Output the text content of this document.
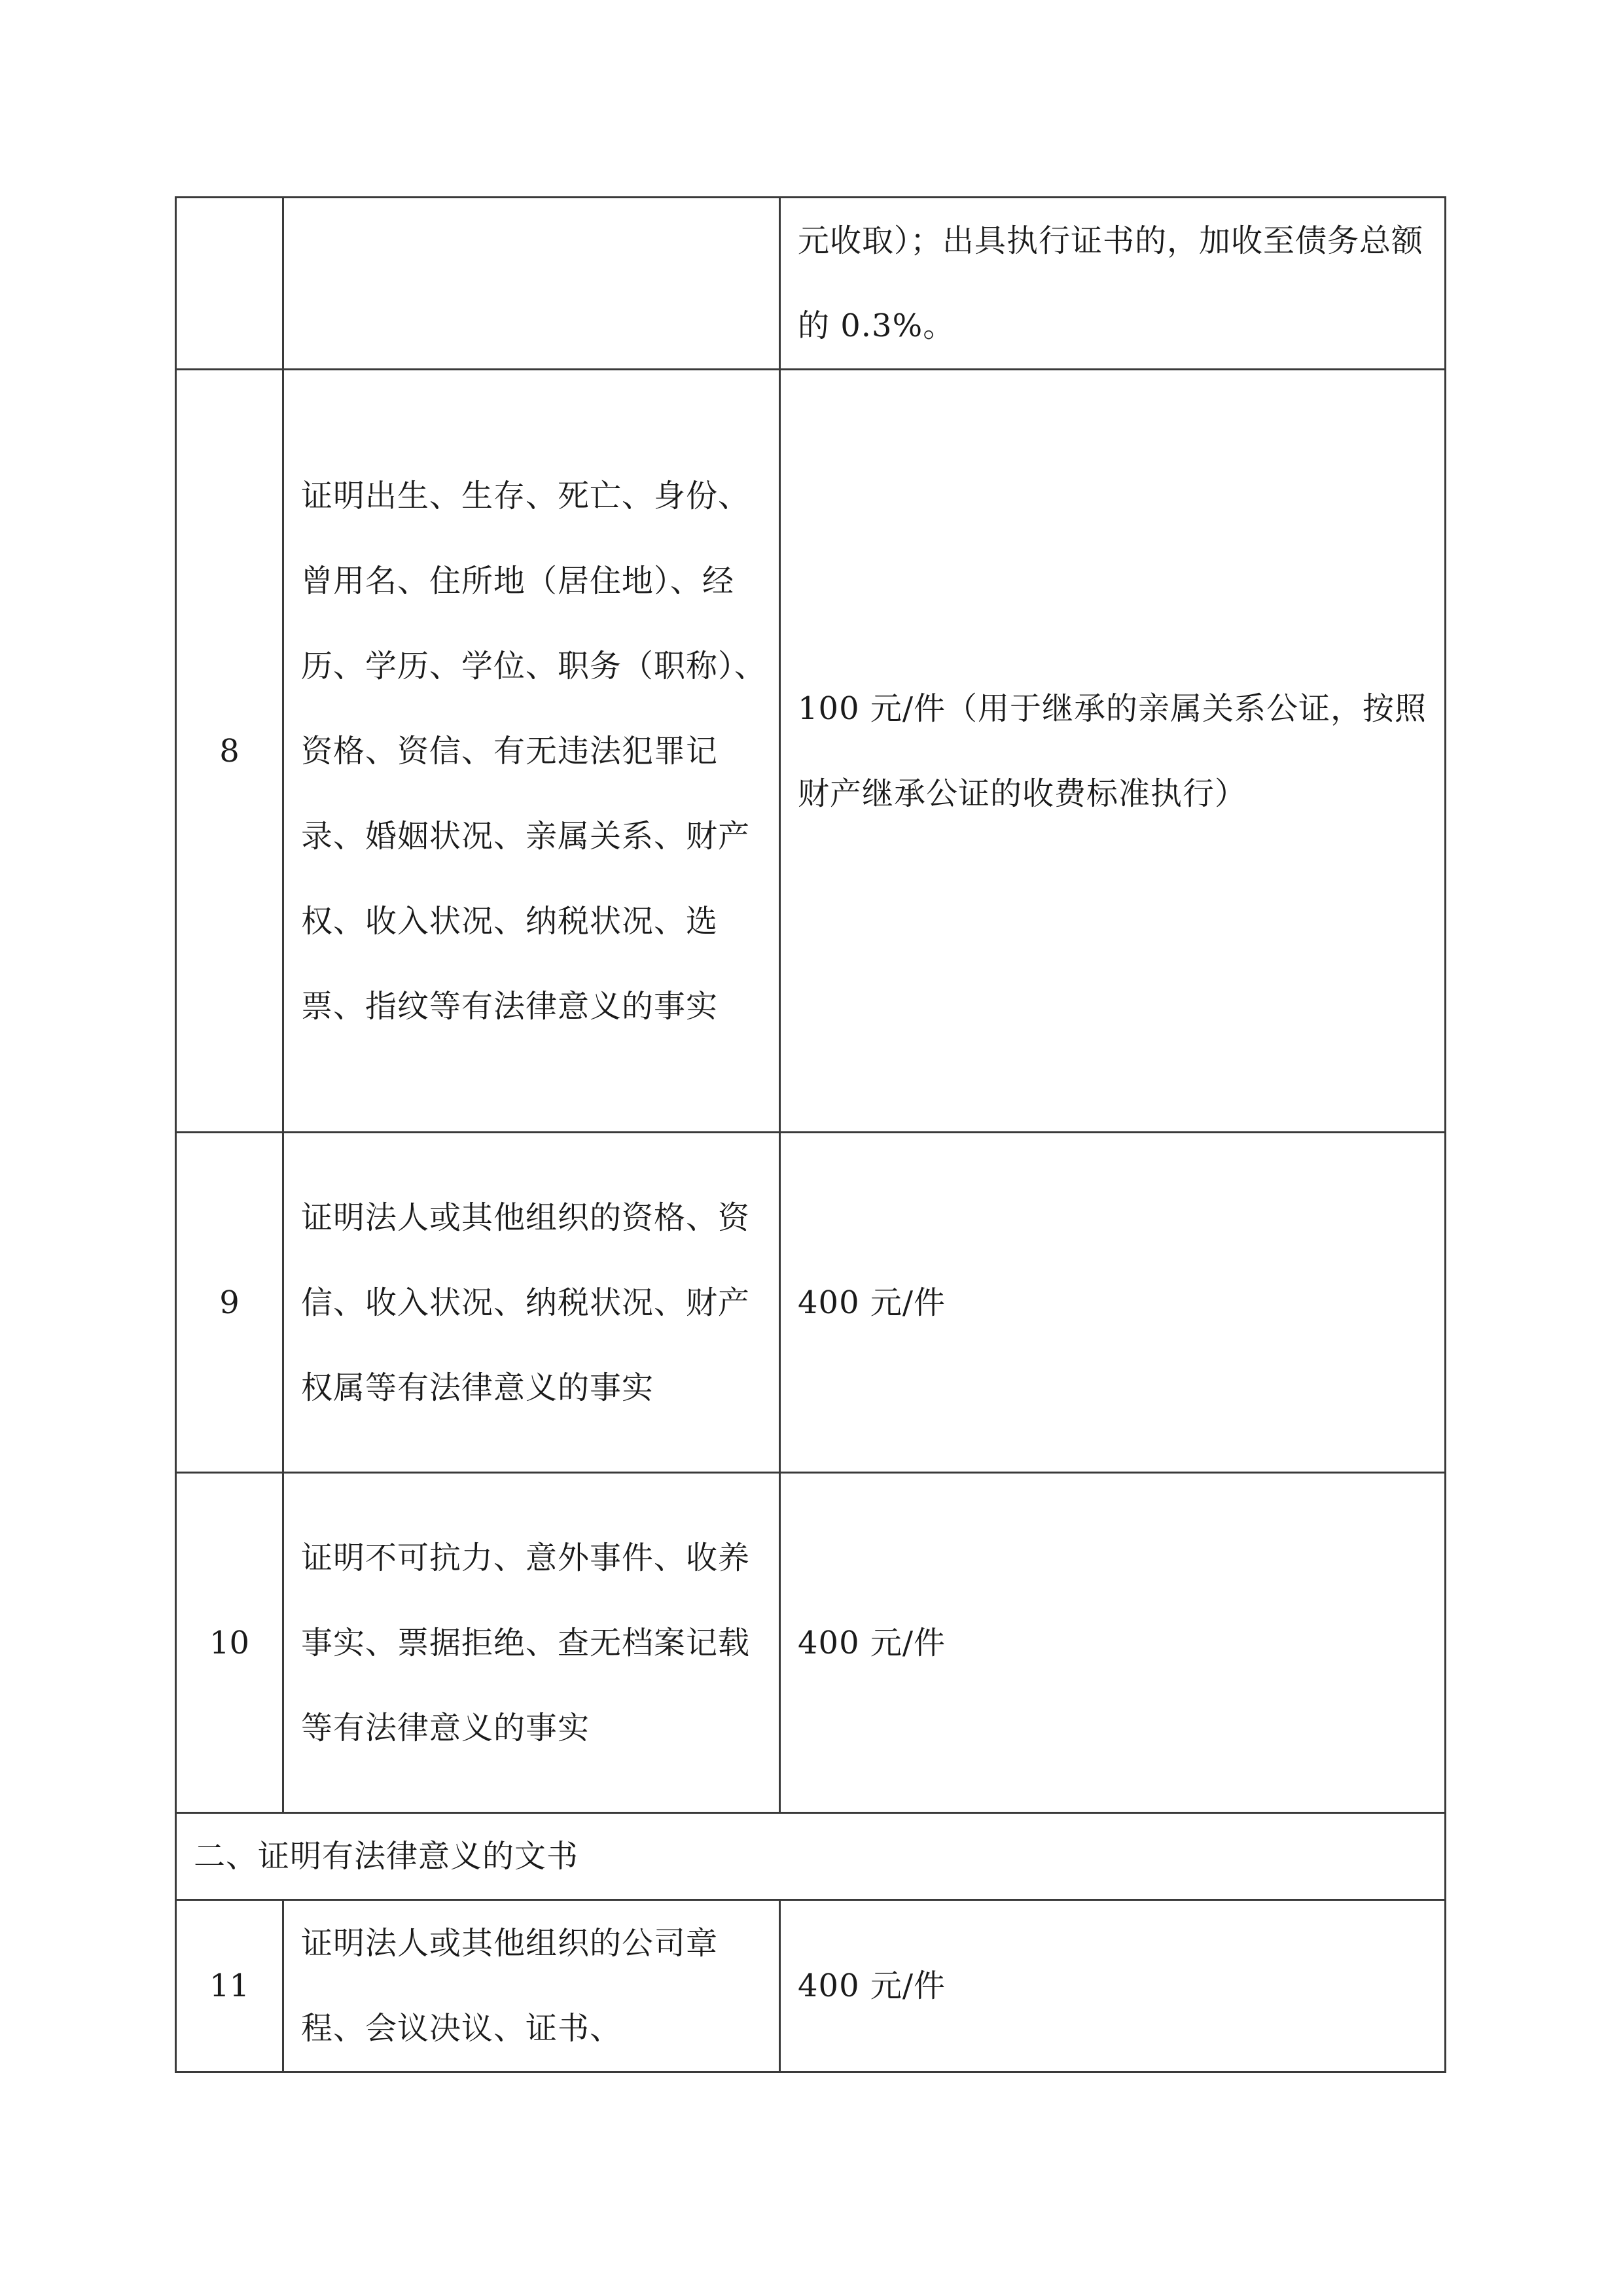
		元收取）；出具执行证书的，加收至债务总额的 0.3%。
8	证明出生、生存、死亡、身份、曾用名、住所地（居住地）、经历、学历、学位、职务（职称）、资格、资信、有无违法犯罪记录、婚姻状况、亲属关系、财产权、收入状况、纳税状况、选票、指纹等有法律意义的事实	100 元/件（用于继承的亲属关系公证，按照财产继承公证的收费标准执行）
9	证明法人或其他组织的资格、资信、收入状况、纳税状况、财产权属等有法律意义的事实	400 元/件
10	证明不可抗力、意外事件、收养事实、票据拒绝、查无档案记载等有法律意义的事实	400 元/件
二、证明有法律意义的文书		
11	证明法人或其他组织的公司章程、会议决议、证书、	400 元/件
